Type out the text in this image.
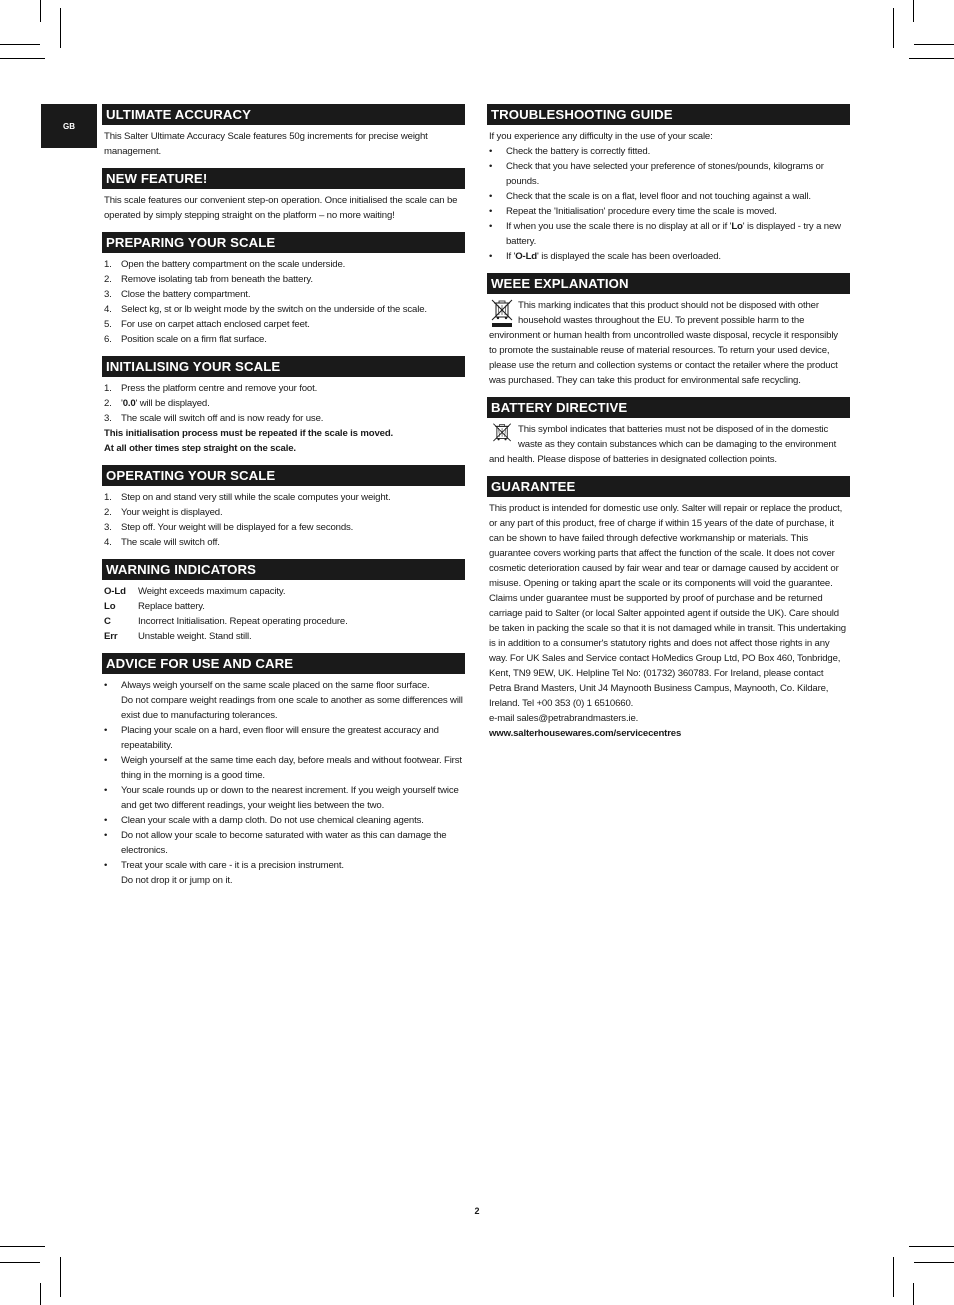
GB
ULTIMATE ACCURACY
This Salter Ultimate Accuracy Scale features 50g increments for precise weight management.
NEW FEATURE!
This scale features our convenient step-on operation. Once initialised the scale can be operated by simply stepping straight on the platform – no more waiting!
PREPARING YOUR SCALE
1. Open the battery compartment on the scale underside.
2. Remove isolating tab from beneath the battery.
3. Close the battery compartment.
4. Select kg, st or lb weight mode by the switch on the underside of the scale.
5. For use on carpet attach enclosed carpet feet.
6. Position scale on a firm flat surface.
INITIALISING YOUR SCALE
1. Press the platform centre and remove your foot.
2. '0.0' will be displayed.
3. The scale will switch off and is now ready for use.
This initialisation process must be repeated if the scale is moved.
At all other times step straight on the scale.
OPERATING YOUR SCALE
1. Step on and stand very still while the scale computes your weight.
2. Your weight is displayed.
3. Step off. Your weight will be displayed for a few seconds.
4. The scale will switch off.
WARNING INDICATORS
O-Ld	Weight exceeds maximum capacity.
Lo	Replace battery.
C	Incorrect Initialisation. Repeat operating procedure.
Err	Unstable weight. Stand still.
ADVICE FOR USE AND CARE
•	Always weigh yourself on the same scale placed on the same floor surface.
Do not compare weight readings from one scale to another as some differences will exist due to manufacturing tolerances.
•	Placing your scale on a hard, even floor will ensure the greatest accuracy and repeatability.
•	Weigh yourself at the same time each day, before meals and without footwear. First thing in the morning is a good time.
•	Your scale rounds up or down to the nearest increment. If you weigh yourself twice and get two different readings, your weight lies between the two.
•	Clean your scale with a damp cloth. Do not use chemical cleaning agents.
•	Do not allow your scale to become saturated with water as this can damage the electronics.
•	Treat your scale with care - it is a precision instrument.
Do not drop it or jump on it.
TROUBLESHOOTING GUIDE
If you experience any difficulty in the use of your scale:
•	Check the battery is correctly fitted.
•	Check that you have selected your preference of stones/pounds, kilograms or pounds.
•	Check that the scale is on a flat, level floor and not touching against a wall.
•	Repeat the 'Initialisation' procedure every time the scale is moved.
•	If when you use the scale there is no display at all or if 'Lo' is displayed - try a new battery.
•	If 'O-Ld' is displayed the scale has been overloaded.
WEEE EXPLANATION

This marking indicates that this product should not be disposed with other household wastes throughout the EU. To prevent possible harm to the environment or human health from uncontrolled waste disposal, recycle it responsibly to promote the sustainable reuse of material resources. To return your used device, please use the return and collection systems or contact the retailer where the product was purchased. They can take this product for environmental safe recycling.

BATTERY DIRECTIVE

This symbol indicates that batteries must not be disposed of in the domestic waste as they contain substances which can be damaging to the environment and health. Please dispose of batteries in designated collection points.

GUARANTEE
This product is intended for domestic use only. Salter will repair or replace the product, or any part of this product, free of charge if within 15 years of the date of purchase, it can be shown to have failed through defective workmanship or materials. This guarantee covers working parts that affect the function of the scale. It does not cover cosmetic deterioration caused by fair wear and tear or damage caused by accident or misuse. Opening or taking apart the scale or its components will void the guarantee. Claims under guarantee must be supported by proof of purchase and be returned carriage paid to Salter (or local Salter appointed agent if outside the UK). Care should be taken in packing the scale so that it is not damaged while in transit. This undertaking is in addition to a consumer's statutory rights and does not affect those rights in any way. For UK Sales and Service contact HoMedics Group Ltd, PO Box 460, Tonbridge, Kent, TN9 9EW, UK. Helpline Tel No: (01732) 360783. For Ireland, please contact Petra Brand Masters, Unit J4 Maynooth Business Campus, Maynooth, Co. Kildare, Ireland. Tel +00 353 (0) 1 6510660.
e-mail sales@petrabrandmasters.ie.
www.salterhousewares.com/servicecentres
2
